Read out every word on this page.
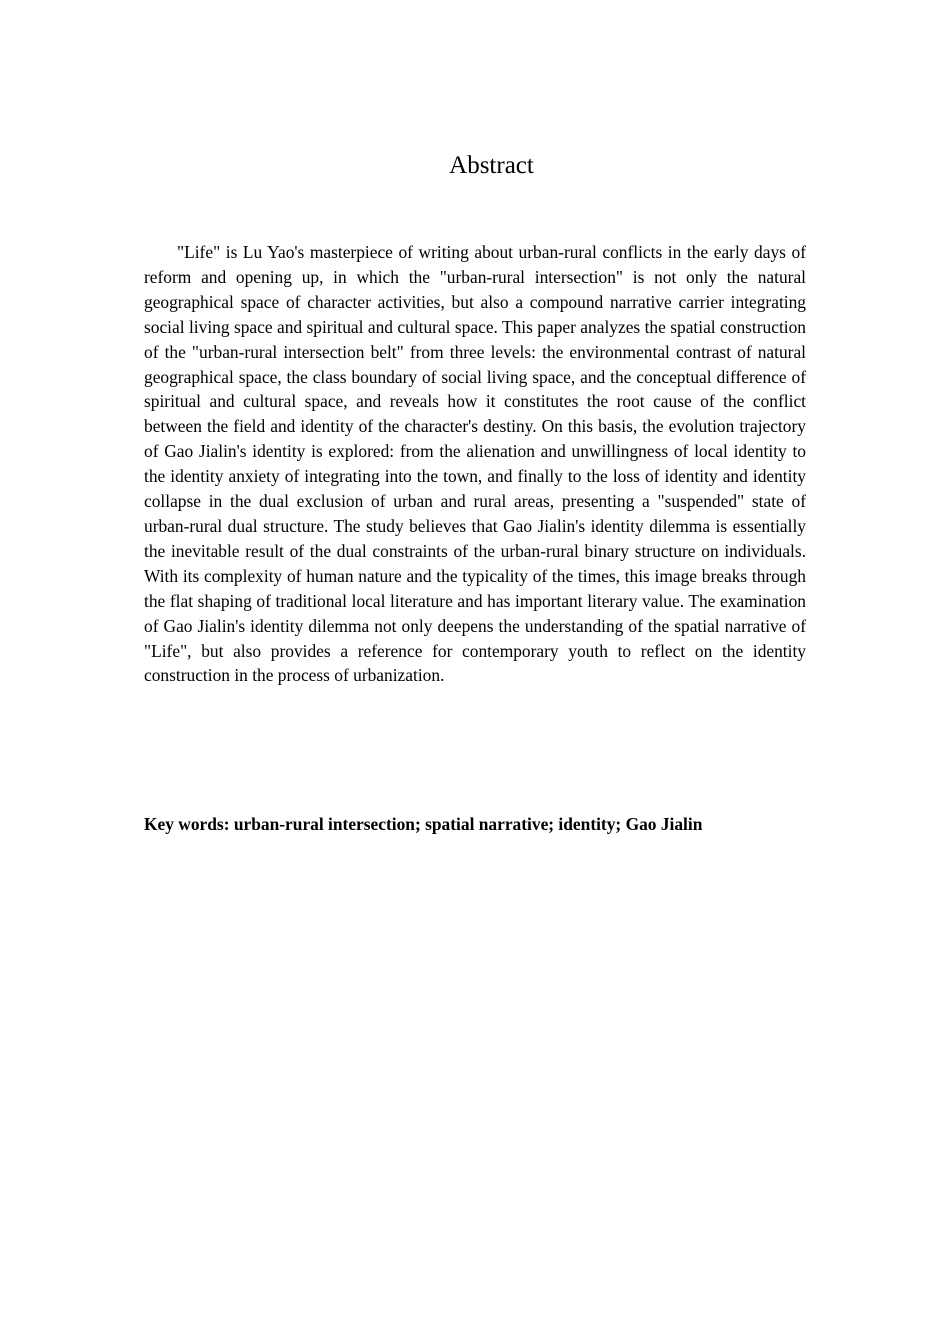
Abstract

"Life" is Lu Yao's masterpiece of writing about urban-rural conflicts in the early days of reform and opening up, in which the "urban-rural intersection" is not only the natural geographical space of character activities, but also a compound narrative carrier integrating social living space and spiritual and cultural space. This paper analyzes the spatial construction of the "urban-rural intersection belt" from three levels: the environmental contrast of natural geographical space, the class boundary of social living space, and the conceptual difference of spiritual and cultural space, and reveals how it constitutes the root cause of the conflict between the field and identity of the character's destiny. On this basis, the evolution trajectory of Gao Jialin's identity is explored: from the alienation and unwillingness of local identity to the identity anxiety of integrating into the town, and finally to the loss of identity and identity collapse in the dual exclusion of urban and rural areas, presenting a "suspended" state of urban-rural dual structure. The study believes that Gao Jialin's identity dilemma is essentially the inevitable result of the dual constraints of the urban-rural binary structure on individuals. With its complexity of human nature and the typicality of the times, this image breaks through the flat shaping of traditional local literature and has important literary value. The examination of Gao Jialin's identity dilemma not only deepens the understanding of the spatial narrative of "Life", but also provides a reference for contemporary youth to reflect on the identity construction in the process of urbanization.

Key words: urban-rural intersection; spatial narrative; identity; Gao Jialin
